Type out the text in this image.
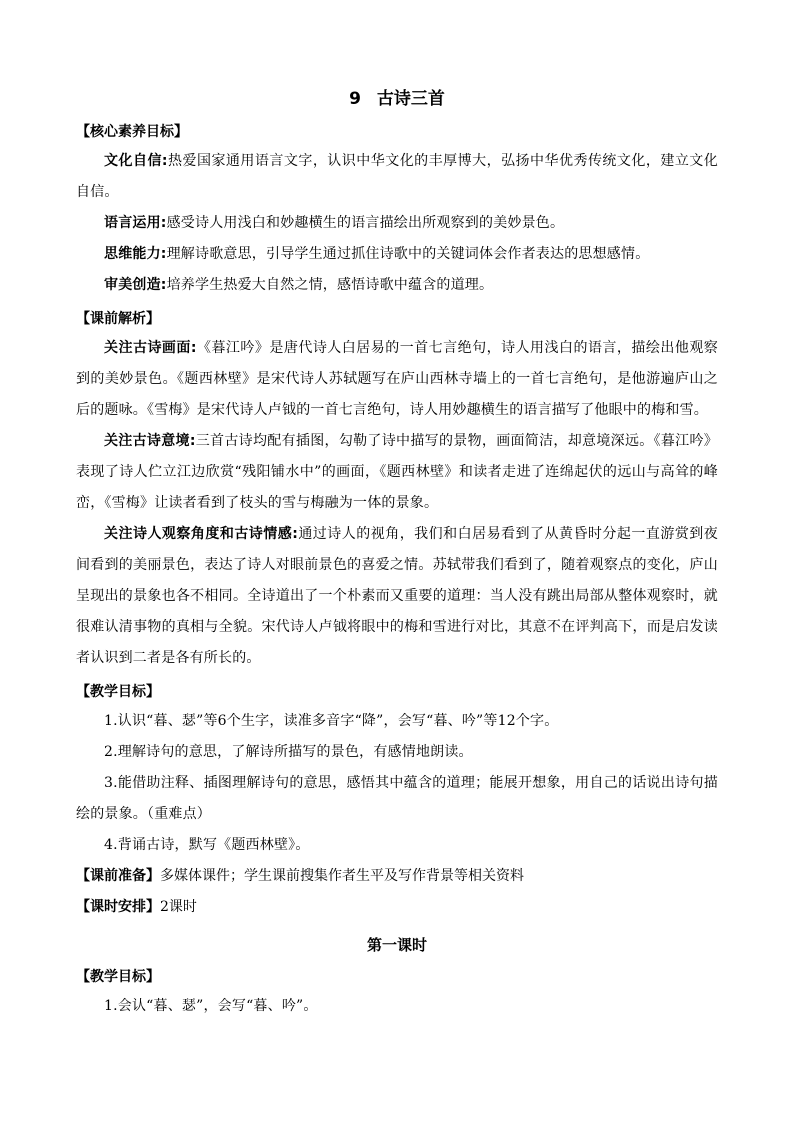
9 古诗三首
【核心素养目标】

文化自信:热爱国家通用语言文字，认识中华文化的丰厚博大，弘扬中华优秀传统文化，建立文化自信。

语言运用:感受诗人用浅白和妙趣横生的语言描绘出所观察到的美妙景色。

思维能力:理解诗歌意思，引导学生通过抓住诗歌中的关键词体会作者表达的思想感情。

审美创造:培养学生热爱大自然之情，感悟诗歌中蕴含的道理。

【课前解析】

关注古诗画面:《暮江吟》是唐代诗人白居易的一首七言绝句，诗人用浅白的语言，描绘出他观察到的美妙景色。《题西林壁》是宋代诗人苏轼题写在庐山西林寺墙上的一首七言绝句，是他游遍庐山之后的题咏。《雪梅》是宋代诗人卢钺的一首七言绝句，诗人用妙趣横生的语言描写了他眼中的梅和雪。

关注古诗意境:三首古诗均配有插图，勾勒了诗中描写的景物，画面简洁，却意境深远。《暮江吟》表现了诗人伫立江边欣赏“残阳铺水中”的画面，《题西林壁》和读者走进了连绵起伏的远山与高耸的峰峦，《雪梅》让读者看到了枝头的雪与梅融为一体的景象。

关注诗人观察角度和古诗情感:通过诗人的视角，我们和白居易看到了从黄昏时分起一直游赏到夜间看到的美丽景色，表达了诗人对眼前景色的喜爱之情。苏轼带我们看到了，随着观察点的变化，庐山呈现出的景象也各不相同。全诗道出了一个朴素而又重要的道理：当人没有跳出局部从整体观察时，就很难认清事物的真相与全貌。宋代诗人卢钺将眼中的梅和雪进行对比，其意不在评判高下，而是启发读者认识到二者是各有所长的。

【教学目标】

1.认识“暮、瑟”等6个生字，读准多音字“降”，会写“暮、吟”等12个字。

2.理解诗句的意思，了解诗所描写的景色，有感情地朗读。

3.能借助注释、插图理解诗句的意思，感悟其中蕴含的道理；能展开想象，用自己的话说出诗句描绘的景象。（重难点）

4.背诵古诗，默写《题西林壁》。

【课前准备】多媒体课件；学生课前搜集作者生平及写作背景等相关资料
【课时安排】2课时
第一课时
【教学目标】

1.会认“暮、瑟”，会写“暮、吟”。
